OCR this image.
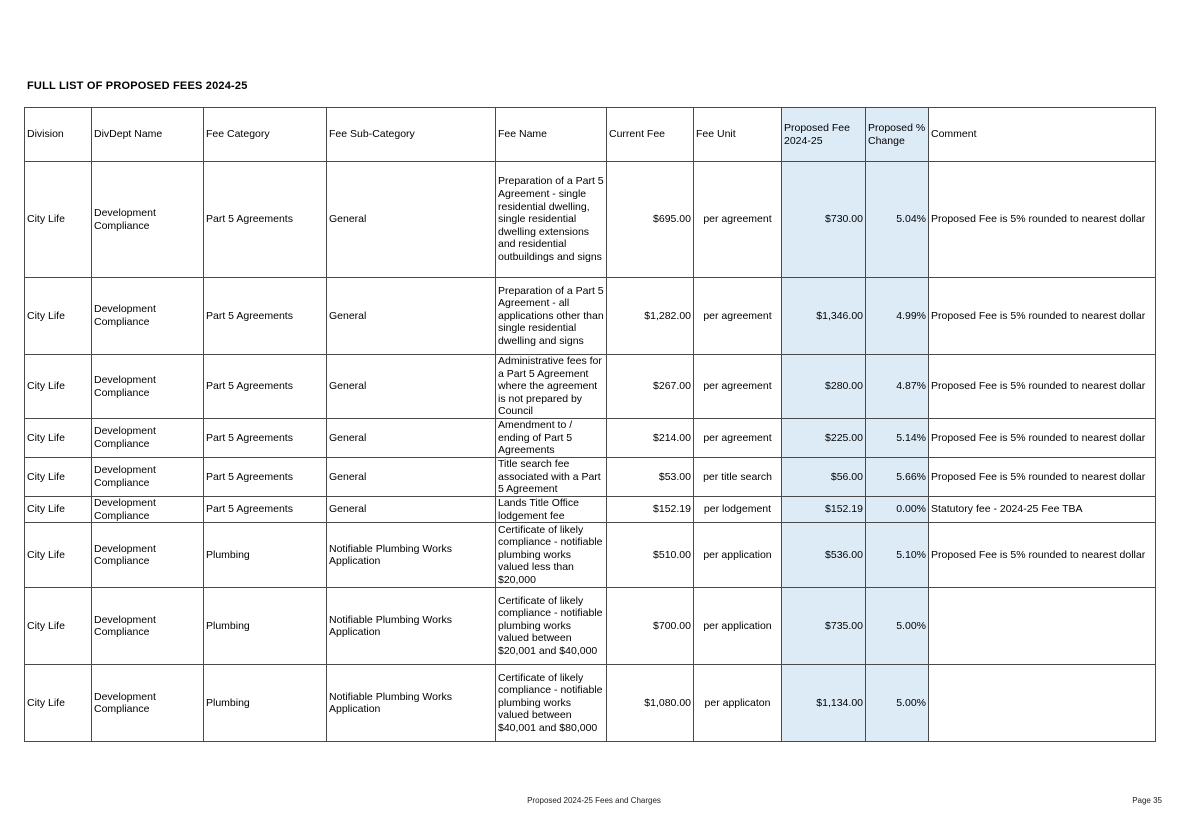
FULL LIST OF PROPOSED FEES 2024-25
Division	DivDept Name	Fee Category	Fee Sub-Category	Fee Name	Current Fee	Fee Unit	Proposed Fee 2024-25	Proposed % Change	Comment
City Life	Development Compliance	Part 5 Agreements	General	Preparation of a Part 5 Agreement - single residential dwelling, single residential dwelling extensions and residential outbuildings and signs	$695.00	per agreement	$730.00	5.04%	Proposed Fee is 5% rounded to nearest dollar
City Life	Development Compliance	Part 5 Agreements	General	Preparation of a Part 5 Agreement - all applications other than single residential dwelling and signs	$1,282.00	per agreement	$1,346.00	4.99%	Proposed Fee is 5% rounded to nearest dollar
City Life	Development Compliance	Part 5 Agreements	General	Administrative fees for a Part 5 Agreement where the agreement is not prepared by Council	$267.00	per agreement	$280.00	4.87%	Proposed Fee is 5% rounded to nearest dollar
City Life	Development Compliance	Part 5 Agreements	General	Amendment to / ending of Part 5 Agreements	$214.00	per agreement	$225.00	5.14%	Proposed Fee is 5% rounded to nearest dollar
City Life	Development Compliance	Part 5 Agreements	General	Title search fee associated with a Part 5 Agreement	$53.00	per title search	$56.00	5.66%	Proposed Fee is 5% rounded to nearest dollar
City Life	Development Compliance	Part 5 Agreements	General	Lands Title Office lodgement fee	$152.19	per lodgement	$152.19	0.00%	Statutory fee - 2024-25 Fee TBA
City Life	Development Compliance	Plumbing	Notifiable Plumbing Works Application	Certificate of likely compliance - notifiable plumbing works valued less than $20,000	$510.00	per application	$536.00	5.10%	Proposed Fee is 5% rounded to nearest dollar
City Life	Development Compliance	Plumbing	Notifiable Plumbing Works Application	Certificate of likely compliance - notifiable plumbing works valued between $20,001 and $40,000	$700.00	per application	$735.00	5.00%	
City Life	Development Compliance	Plumbing	Notifiable Plumbing Works Application	Certificate of likely compliance - notifiable plumbing works valued between $40,001 and $80,000	$1,080.00	per applicaton	$1,134.00	5.00%	
Proposed 2024-25 Fees and Charges	Page 35
